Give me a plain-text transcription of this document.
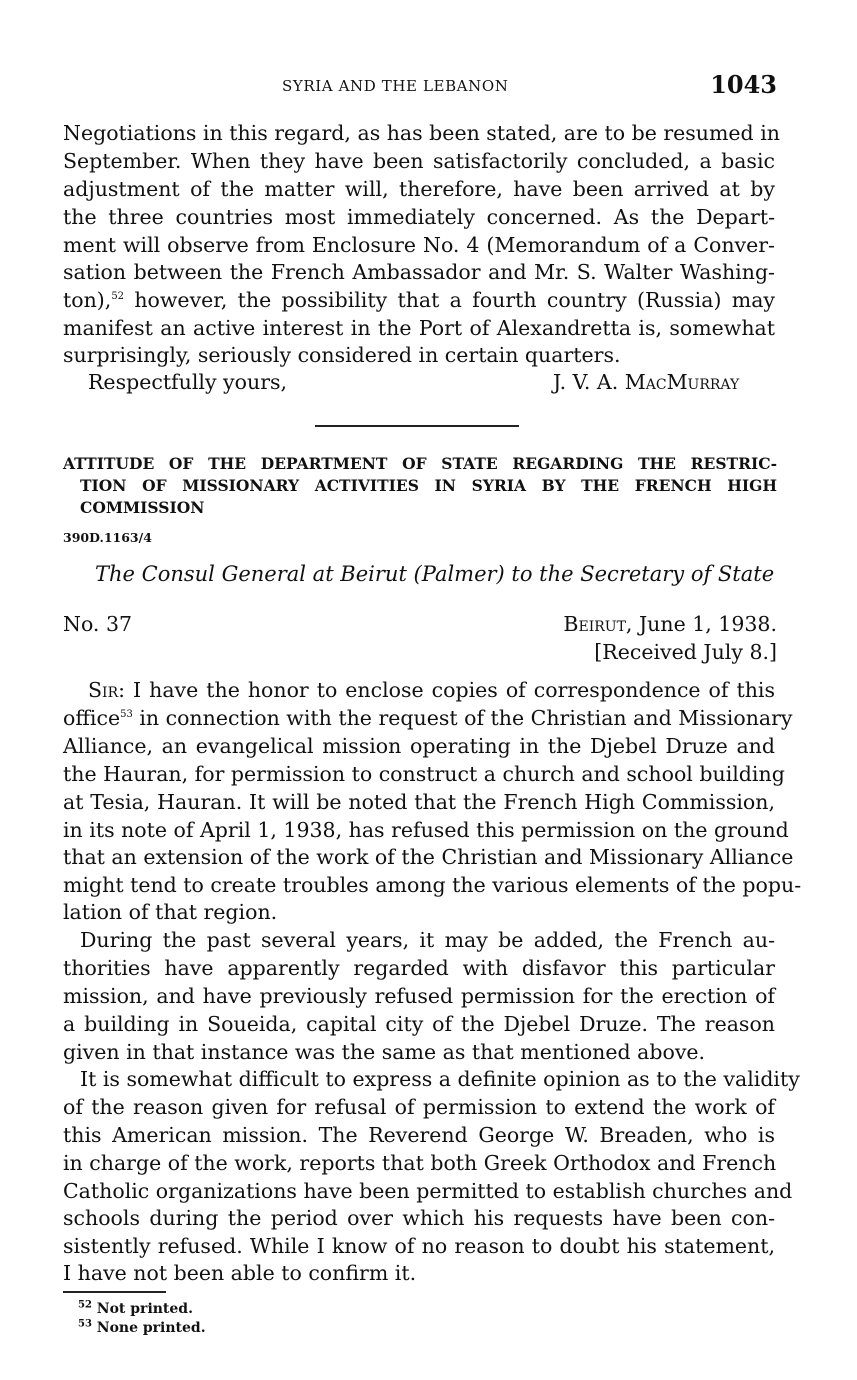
SYRIA AND THE LEBANON	1043
Negotiations in this regard, as has been stated, are to be resumed in
September. When they have been satisfactorily concluded, a basic
adjustment of the matter will, therefore, have been arrived at by
the three countries most immediately concerned. As the Depart-
ment will observe from Enclosure No. 4 (Memorandum of a Conver-
sation between the French Ambassador and Mr. S. Walter Washing-
ton),$^{52}$ however, the possibility that a fourth country (Russia) may
manifest an active interest in the Port of Alexandretta is, somewhat
surprisingly, seriously considered in certain quarters.
Respectfully yours,	J. V. A. MacMurray
ATTITUDE OF THE DEPARTMENT OF STATE REGARDING THE RESTRIC-
TION OF MISSIONARY ACTIVITIES IN SYRIA BY THE FRENCH HIGH
COMMISSION
390D.1163/4
The Consul General at Beirut (Palmer) to the Secretary of State
No. 37	Beirut, June 1, 1938.
[Received July 8.]
Sir: I have the honor to enclose copies of correspondence of this
office$^{53}$ in connection with the request of the Christian and Missionary
Alliance, an evangelical mission operating in the Djebel Druze and
the Hauran, for permission to construct a church and school building
at Tesia, Hauran. It will be noted that the French High Commission,
in its note of April 1, 1938, has refused this permission on the ground
that an extension of the work of the Christian and Missionary Alliance
might tend to create troubles among the various elements of the popu-
lation of that region.
During the past several years, it may be added, the French au-
thorities have apparently regarded with disfavor this particular
mission, and have previously refused permission for the erection of
a building in Soueida, capital city of the Djebel Druze. The reason
given in that instance was the same as that mentioned above.
It is somewhat difficult to express a definite opinion as to the validity
of the reason given for refusal of permission to extend the work of
this American mission. The Reverend George W. Breaden, who is
in charge of the work, reports that both Greek Orthodox and French
Catholic organizations have been permitted to establish churches and
schools during the period over which his requests have been con-
sistently refused. While I know of no reason to doubt his statement,
I have not been able to confirm it.
$^{52}$ Not printed.
$^{53}$ None printed.
